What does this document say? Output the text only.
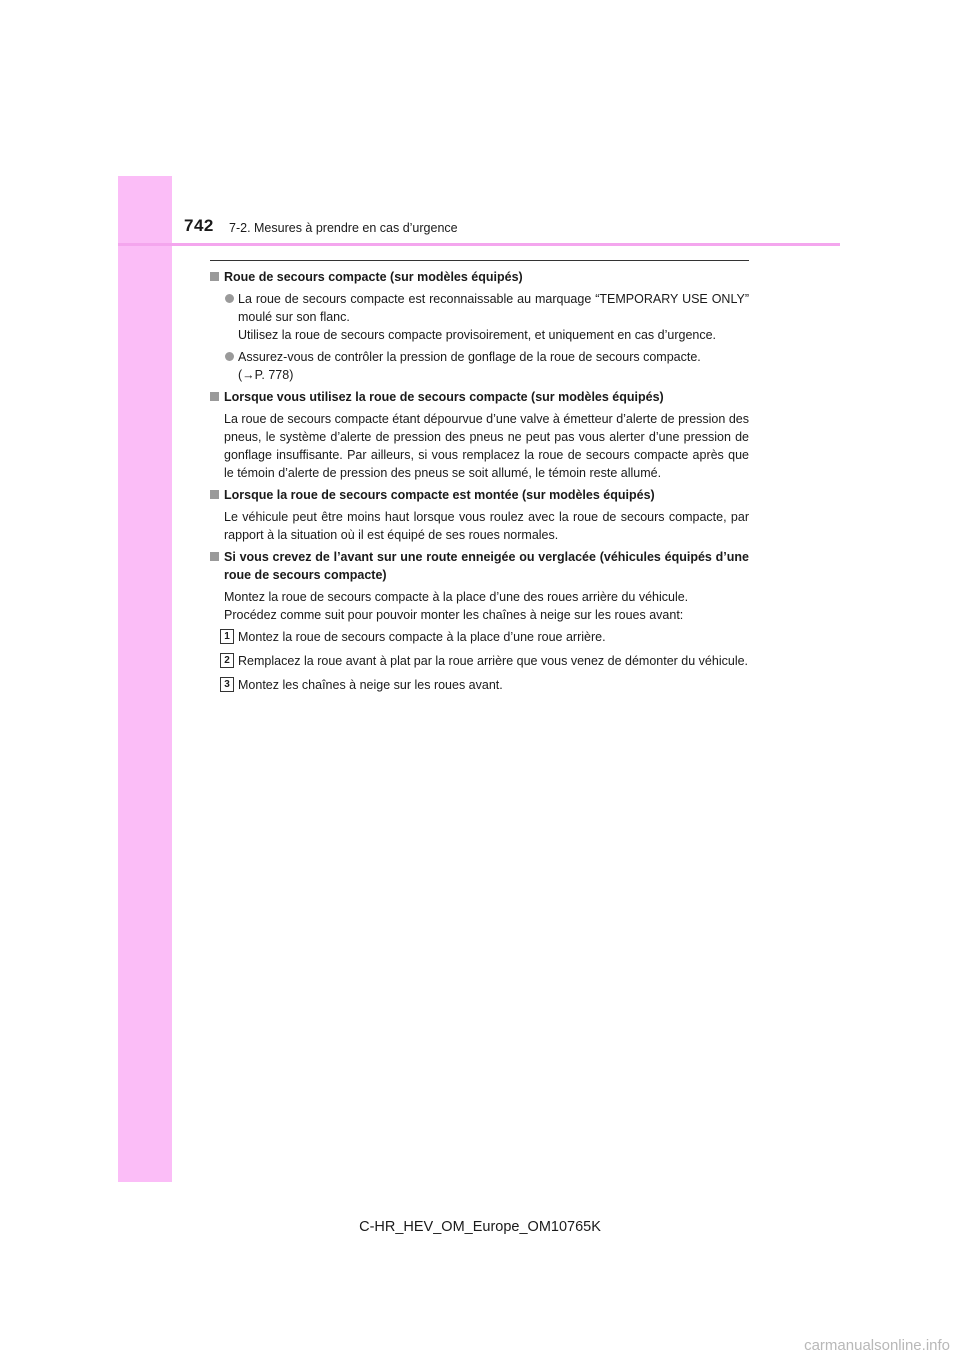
742 7-2. Mesures à prendre en cas d’urgence
Roue de secours compacte (sur modèles équipés)
La roue de secours compacte est reconnaissable au marquage “TEMPORARY USE ONLY” moulé sur son flanc.
Utilisez la roue de secours compacte provisoirement, et uniquement en cas d’urgence.
Assurez-vous de contrôler la pression de gonflage de la roue de secours compacte.
(→P. 778)
Lorsque vous utilisez la roue de secours compacte (sur modèles équipés)
La roue de secours compacte étant dépourvue d’une valve à émetteur d’alerte de pression des pneus, le système d’alerte de pression des pneus ne peut pas vous alerter d’une pression de gonflage insuffisante. Par ailleurs, si vous remplacez la roue de secours compacte après que le témoin d’alerte de pression des pneus se soit allumé, le témoin reste allumé.
Lorsque la roue de secours compacte est montée (sur modèles équipés)
Le véhicule peut être moins haut lorsque vous roulez avec la roue de secours compacte, par rapport à la situation où il est équipé de ses roues normales.
Si vous crevez de l’avant sur une route enneigée ou verglacée (véhicules équipés d’une roue de secours compacte)
Montez la roue de secours compacte à la place d’une des roues arrière du véhicule.
Procédez comme suit pour pouvoir monter les chaînes à neige sur les roues avant:
1 Montez la roue de secours compacte à la place d’une roue arrière.
2 Remplacez la roue avant à plat par la roue arrière que vous venez de démonter du véhicule.
3 Montez les chaînes à neige sur les roues avant.
C-HR_HEV_OM_Europe_OM10765K
carmanualsonline.info
